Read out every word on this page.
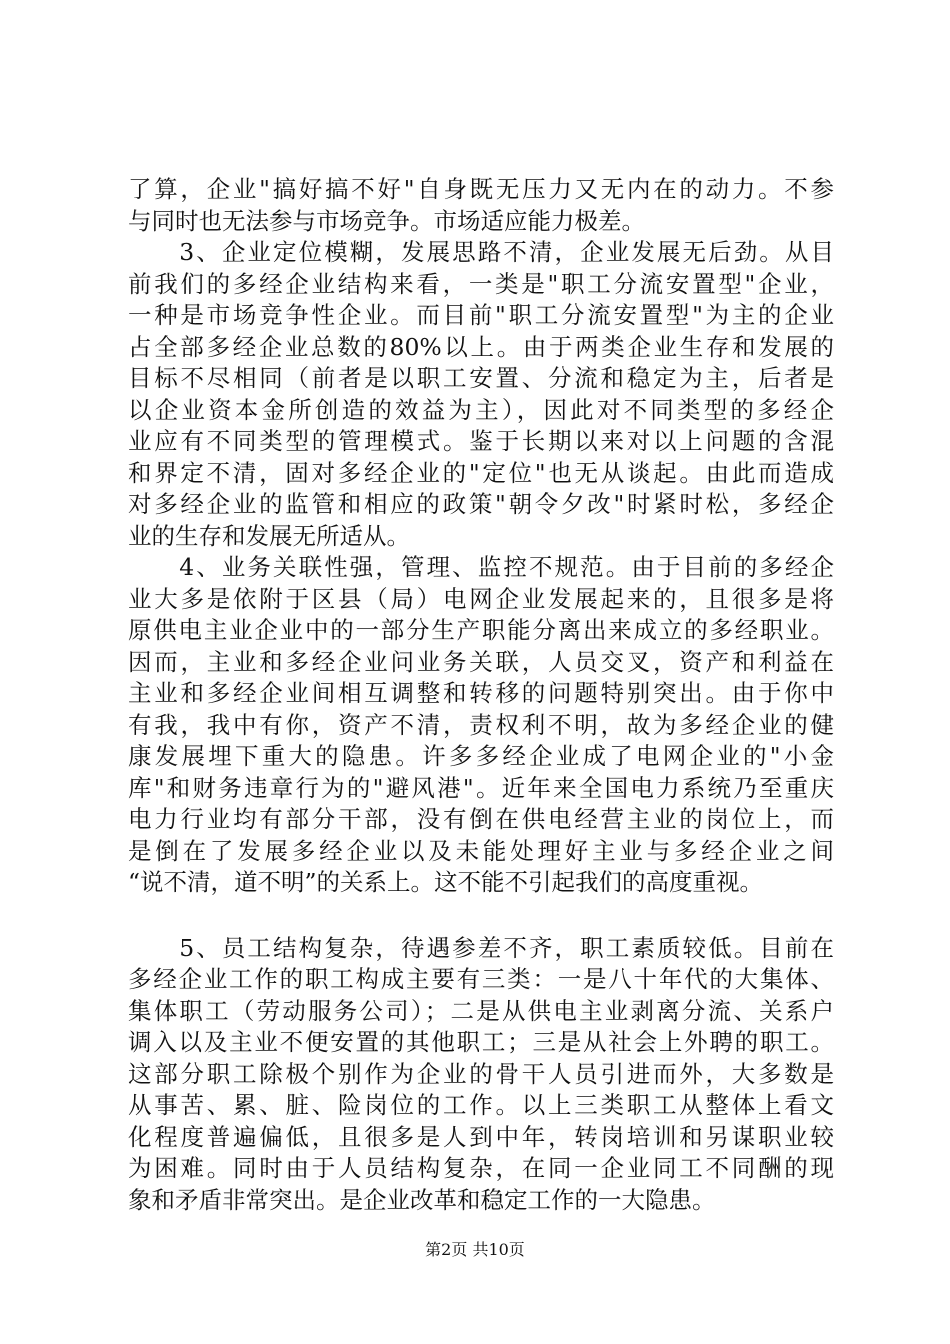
了算，企业"搞好搞不好"自身既无压力又无内在的动力。不参
与同时也无法参与市场竞争。市场适应能力极差。
　　3、企业定位模糊，发展思路不清，企业发展无后劲。从目
前我们的多经企业结构来看，一类是"职工分流安置型"企业，
一种是市场竞争性企业。而目前"职工分流安置型"为主的企业
占全部多经企业总数的80%以上。由于两类企业生存和发展的
目标不尽相同（前者是以职工安置、分流和稳定为主，后者是
以企业资本金所创造的效益为主），因此对不同类型的多经企
业应有不同类型的管理模式。鉴于长期以来对以上问题的含混
和界定不清，固对多经企业的"定位"也无从谈起。由此而造成
对多经企业的监管和相应的政策"朝令夕改"时紧时松，多经企
业的生存和发展无所适从。
　　4、业务关联性强，管理、监控不规范。由于目前的多经企
业大多是依附于区县（局）电网企业发展起来的，且很多是将
原供电主业企业中的一部分生产职能分离出来成立的多经职业。
因而，主业和多经企业问业务关联，人员交叉，资产和利益在
主业和多经企业间相互调整和转移的问题特别突出。由于你中
有我，我中有你，资产不清，责权利不明，故为多经企业的健
康发展埋下重大的隐患。许多多经企业成了电网企业的"小金
库"和财务违章行为的"避风港"。近年来全国电力系统乃至重庆
电力行业均有部分干部，没有倒在供电经营主业的岗位上，而
是倒在了发展多经企业以及未能处理好主业与多经企业之间
“说不清，道不明”的关系上。这不能不引起我们的高度重视。
　　5、员工结构复杂，待遇参差不齐，职工素质较低。目前在
多经企业工作的职工构成主要有三类：一是八十年代的大集体、
集体职工（劳动服务公司）；二是从供电主业剥离分流、关系户
调入以及主业不便安置的其他职工；三是从社会上外聘的职工。
这部分职工除极个别作为企业的骨干人员引进而外，大多数是
从事苦、累、脏、险岗位的工作。以上三类职工从整体上看文
化程度普遍偏低，且很多是人到中年，转岗培训和另谋职业较
为困难。同时由于人员结构复杂，在同一企业同工不同酬的现
象和矛盾非常突出。是企业改革和稳定工作的一大隐患。
第2页 共10页
